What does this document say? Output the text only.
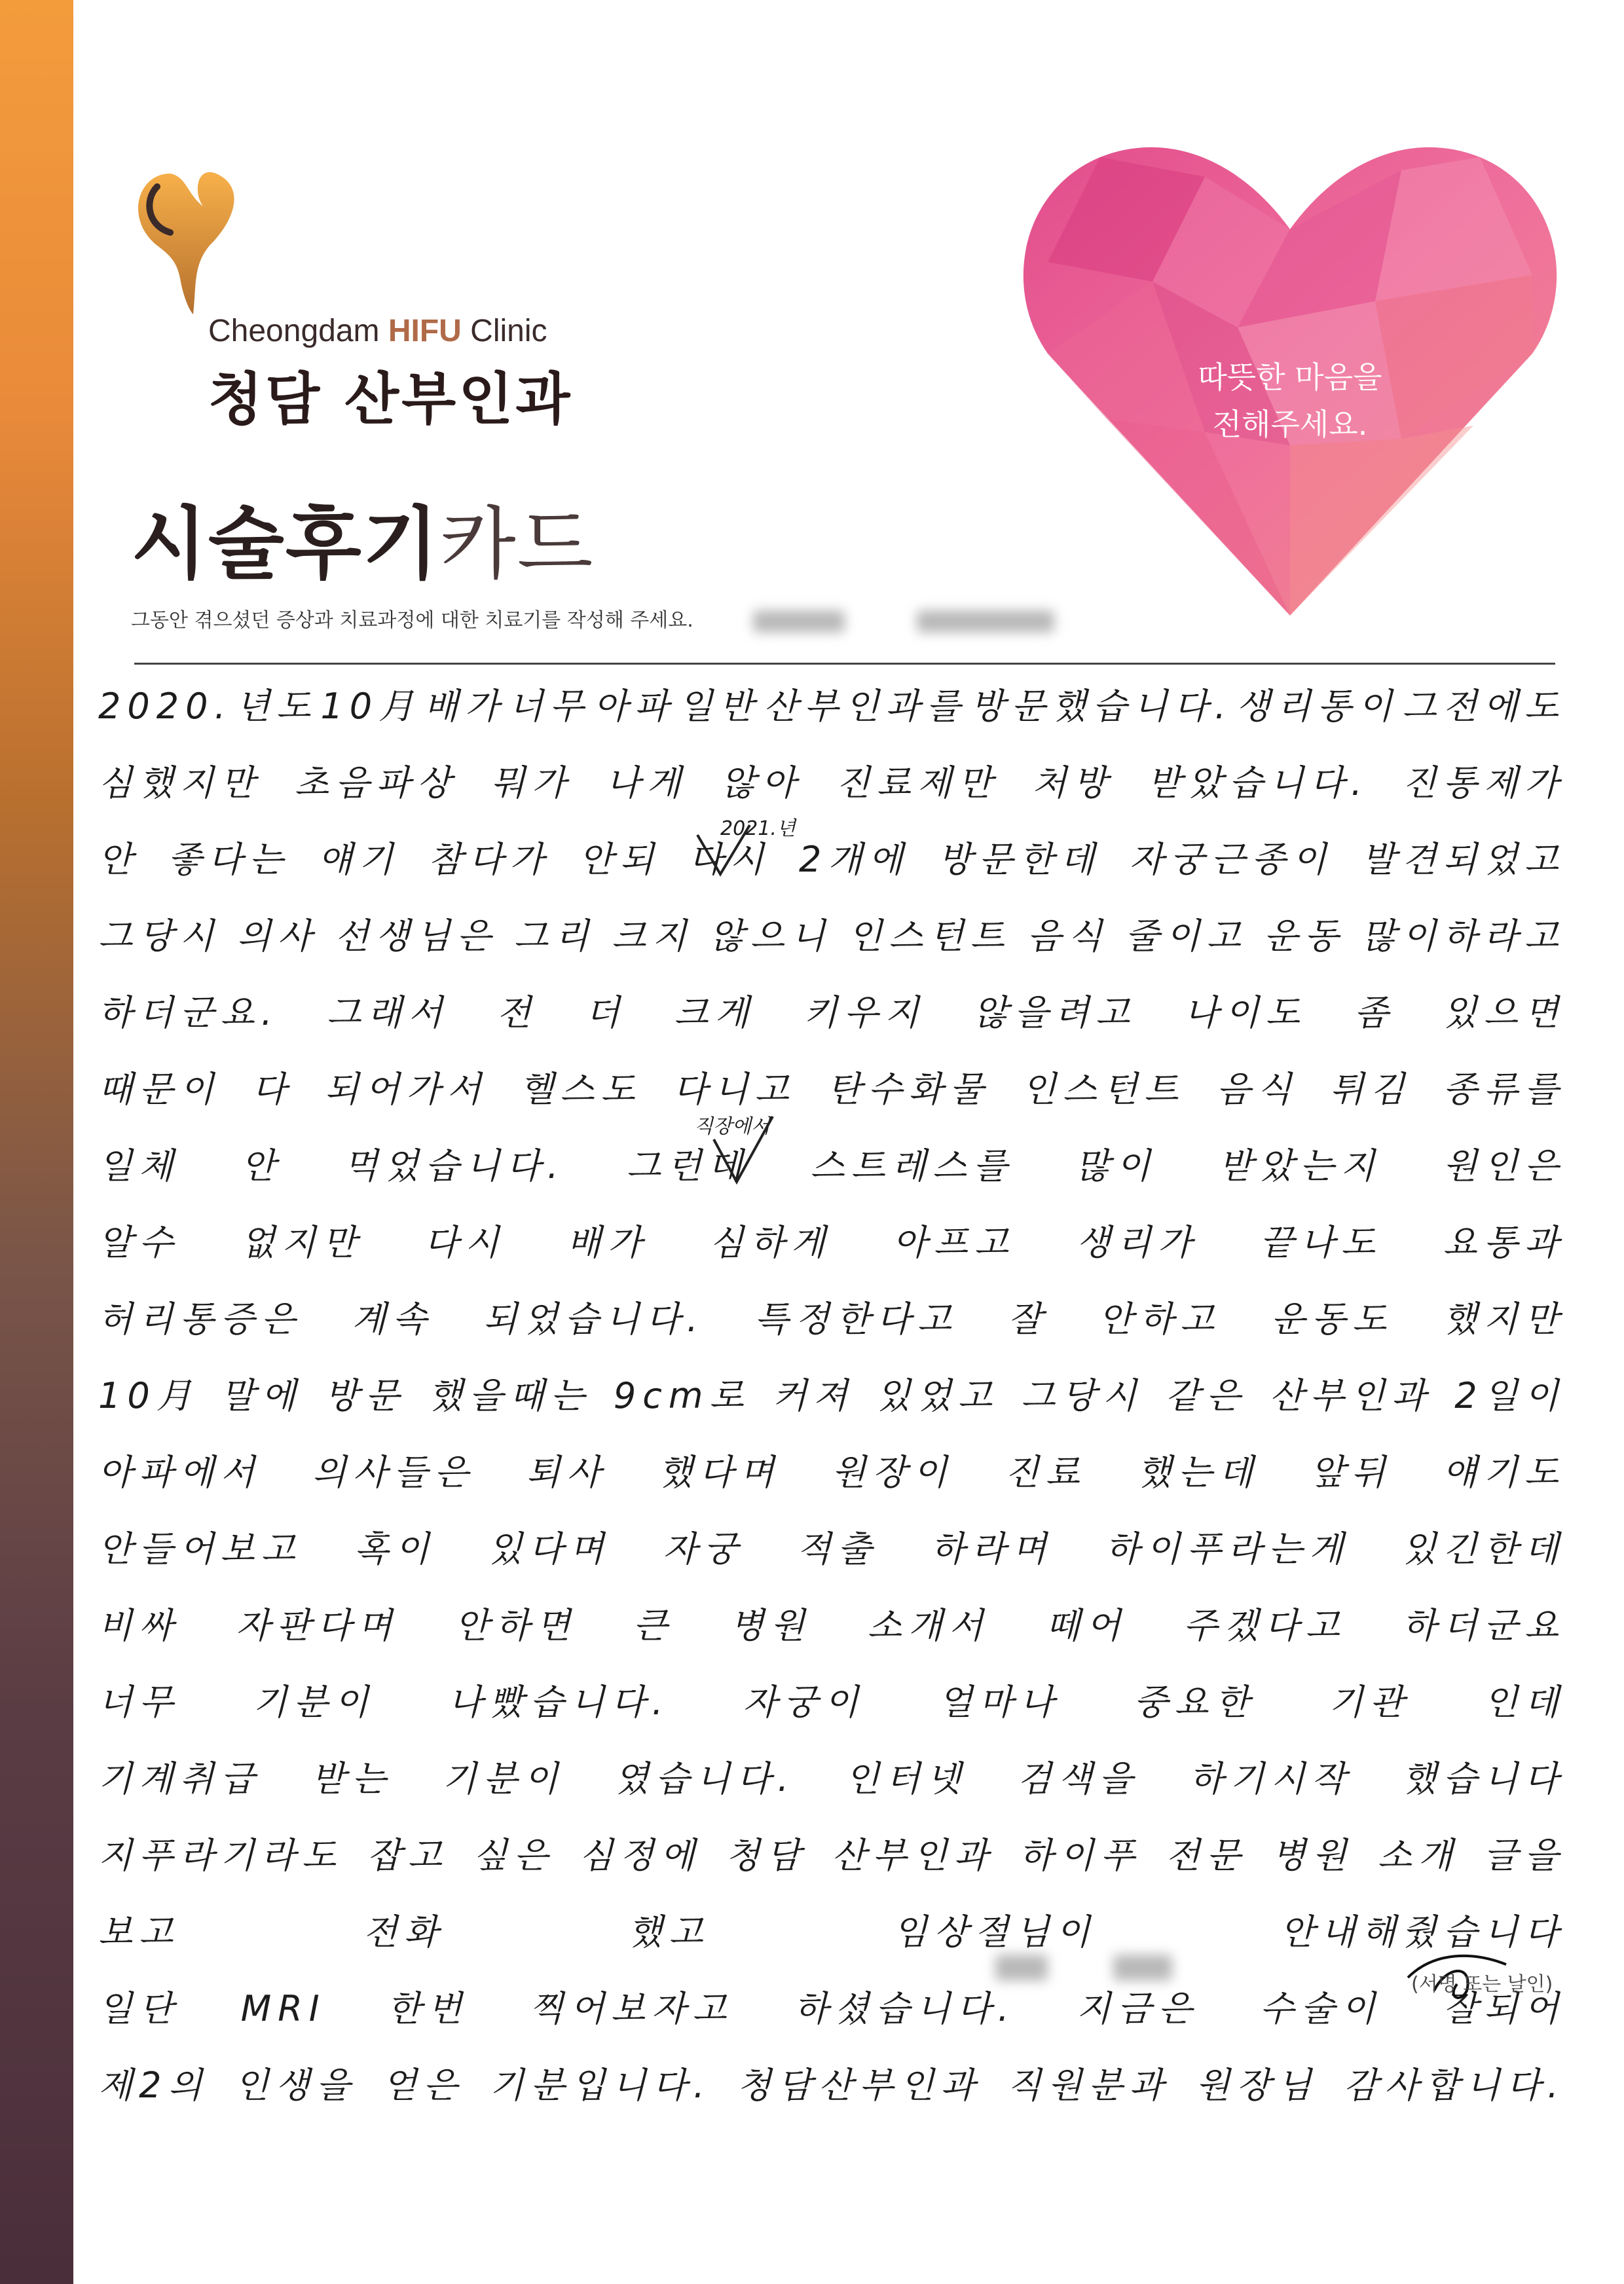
Cheongdam HIFU Clinic
청담 산부인과
시술후기카드
그동안 겪으셨던 증상과 치료과정에 대한 치료기를 작성해 주세요.
따뜻한 마음을
전해주세요.
2020. 년도 10月 배가 너무 아파 일반 산부인과를 방문했습니다. 생리통이 그전에도
심했지만 초음파상 뭐가 나게 않아 진료제만 처방 받았습니다. 진통제가
안 좋다는 얘기 참다가 안되 다시 2개에 방문한데 자궁근종이 발견되었고
그당시 의사 선생님은 그리 크지 않으니 인스턴트 음식 줄이고 운동 많이하라고
하더군요. 그래서 전 더 크게 키우지 않을려고 나이도 좀 있으면
때문이 다 되어가서 헬스도 다니고 탄수화물 인스턴트 음식 튀김 종류를
일체 안 먹었습니다. 그런데 스트레스를 많이 받았는지 원인은
알수 없지만 다시 배가 심하게 아프고 생리가 끝나도 요통과
허리통증은 계속 되었습니다. 특정한다고 잘 안하고 운동도 했지만
10月 말에 방문 했을때는 9cm로 커져 있었고 그당시 같은 산부인과 2일이
아파에서 의사들은 퇴사 했다며 원장이 진료 했는데 앞뒤 얘기도
안들어보고 혹이 있다며 자궁 적출 하라며 하이푸라는게 있긴한데
비싸 자판다며 안하면 큰 병원 소개서 떼어 주겠다고 하더군요
너무 기분이 나빴습니다. 자궁이 얼마나 중요한 기관 인데
기계취급 받는 기분이 였습니다. 인터넷 검색을 하기시작 했습니다
지푸라기라도 잡고 싶은 심정에 청담 산부인과 하이푸 전문 병원 소개 글을
보고	전화	했고	임상절님이	안내해줬습니다
일단 MRI 한번 찍어보자고 하셨습니다. 지금은 수술이 잘되어
제2의 인생을 얻은 기분입니다. 청담산부인과 직원분과 원장님 감사합니다.
2021.년
직장에서
(서명 또는 날인)
